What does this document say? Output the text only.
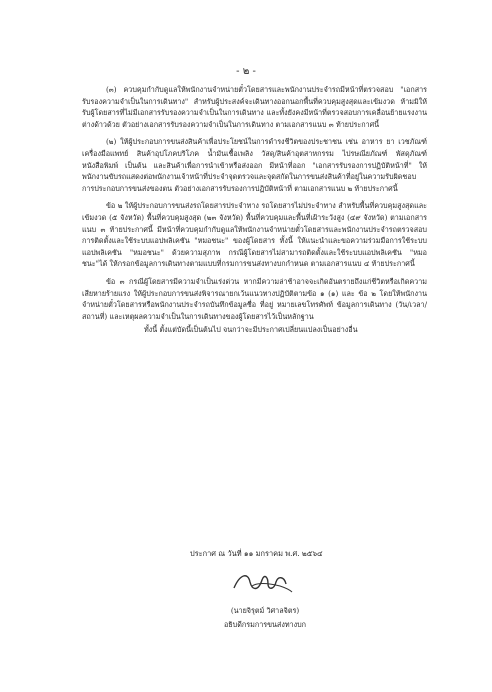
- ๒ -

(๓) ควบคุมกำกับดูแลให้พนักงานจำหน่ายตั๋วโดยสารและพนักงานประจำรถมีหน้าที่ตรวจสอบ "เอกสารรับรองความจำเป็นในการเดินทาง" สำหรับผู้ประสงค์จะเดินทางออกนอกพื้นที่ควบคุมสูงสุดและเข้มงวด ห้ามมิให้รับผู้โดยสารที่ไม่มีเอกสารรับรองความจำเป็นในการเดินทาง และทั้งยังคงมีหน้าที่ตรวจสอบการเคลื่อนย้ายแรงงานต่างด้าวด้วย ตัวอย่างเอกสารรับรองความจำเป็นในการเดินทาง ตามเอกสารแนบ ๓ ท้ายประกาศนี้

(๒) ให้ผู้ประกอบการขนส่งสินค้าเพื่อประโยชน์ในการดำรงชีวิตของประชาชน เช่น อาหาร ยา เวชภัณฑ์ เครื่องมือแพทย์ สินค้าอุปโภคบริโภค น้ำมันเชื้อเพลิง วัสดุ/สินค้าอุตสาหกรรม ไปรษณียภัณฑ์ พัสดุภัณฑ์ หนังสือพิมพ์ เป็นต้น และสินค้าเพื่อการนำเข้าหรือส่งออก มีหน้าที่ออก "เอกสารรับรองการปฏิบัติหน้าที่" ให้พนักงานขับรถแสดงต่อพนักงานเจ้าหน้าที่ประจำจุดตรวจและจุดสกัดในการขนส่งสินค้าที่อยู่ในความรับผิดชอบการประกอบการขนส่งของตน ตัวอย่างเอกสารรับรองการปฏิบัติหน้าที่ ตามเอกสารแนบ ๒ ท้ายประกาศนี้

ข้อ ๒ ให้ผู้ประกอบการขนส่งรถโดยสารประจำทาง รถโดยสารไม่ประจำทาง สำหรับพื้นที่ควบคุมสูงสุดและเข้มงวด (๕ จังหวัด) พื้นที่ควบคุมสูงสุด (๒๓ จังหวัด) พื้นที่ควบคุมและพื้นที่เฝ้าระวังสูง (๔๙ จังหวัด) ตามเอกสารแนบ ๓ ท้ายประกาศนี้ มีหน้าที่ควบคุมกำกับดูแลให้พนักงานจำหน่ายตั๋วโดยสารและพนักงานประจำรถตรวจสอบการติดตั้งและใช้ระบบแอปพลิเคชัน "หมอชนะ" ของผู้โดยสาร ทั้งนี้ ให้แนะนำและขอความร่วมมือการใช้ระบบแอปพลิเคชัน "หมอชนะ" ด้วยความสุภาพ กรณีผู้โดยสารไม่สามารถติดตั้งและใช้ระบบแอปพลิเคชัน "หมอชนะ"ได้ ให้กรอกข้อมูลการเดินทางตามแบบที่กรมการขนส่งทางบกกำหนด ตามเอกสารแนบ ๔ ท้ายประกาศนี้

ข้อ ๓ กรณีผู้โดยสารมีความจำเป็นเร่งด่วน หากมีความล่าช้าอาจจะเกิดอันตรายถึงแก่ชีวิตหรือเกิดความเสียหายร้ายแรง ให้ผู้ประกอบการขนส่งพิจารณายกเว้นแนวทางปฏิบัติตามข้อ ๑ (๑) และ ข้อ ๒ โดยให้พนักงานจำหน่ายตั๋วโดยสารหรือพนักงานประจำรถบันทึกข้อมูลชื่อ ที่อยู่ หมายเลขโทรศัพท์ ข้อมูลการเดินทาง (วัน/เวลา/สถานที่) และเหตุผลความจำเป็นในการเดินทางของผู้โดยสารไว้เป็นหลักฐาน

ทั้งนี้ ตั้งแต่บัดนี้เป็นต้นไป จนกว่าจะมีประกาศเปลี่ยนแปลงเป็นอย่างอื่น

ประกาศ ณ วันที่ ๑๑ มกราคม พ.ศ. ๒๕๖๔
(นายจิรุตม์ วิศาลจิตร)
อธิบดีกรมการขนส่งทางบก
